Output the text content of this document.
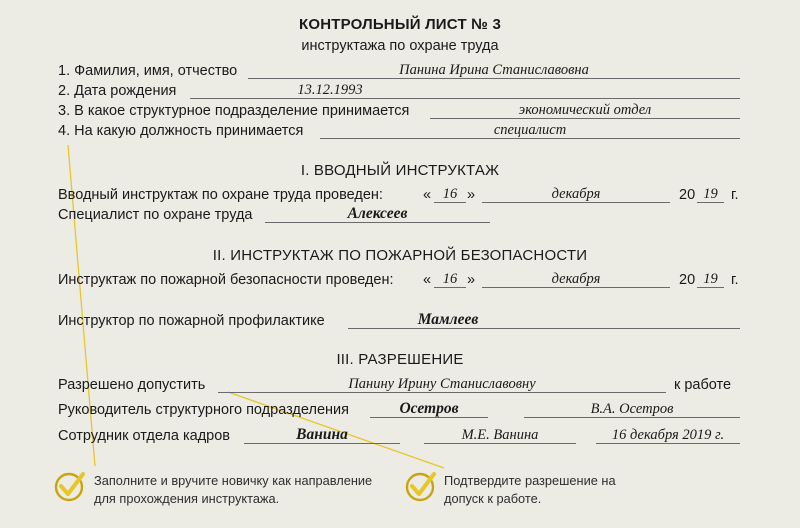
КОНТРОЛЬНЫЙ ЛИСТ № 3
инструктажа по охране труда
1. Фамилия, имя, отчество	Панина Ирина Станиславовна
2. Дата рождения	13.12.1993
3. В какое структурное подразделение принимается	экономический отдел
4. На какую должность принимается	специалист
I. ВВОДНЫЙ ИНСТРУКТАЖ
Вводный инструктаж по охране труда проведен:	« 16 »	декабря	20 19 г.
Специалист по охране труда	Алексеев
II. ИНСТРУКТАЖ ПО ПОЖАРНОЙ БЕЗОПАСНОСТИ
Инструктаж по пожарной безопасности проведен: « 16 »	декабря	20 19 г.
Инструктор по пожарной профилактике	Мамлеев
III. РАЗРЕШЕНИЕ
Разрешено допустить	Панину Ирину Станиславовну	к работе
Руководитель структурного подразделения	Осетров	В.А. Осетров
Сотрудник отдела кадров	Ванина	М.Е. Ванина	16 декабря 2019 г.
Заполните и вручите новичку как направление для прохождения инструктажа.
Подтвердите разрешение на допуск к работе.
